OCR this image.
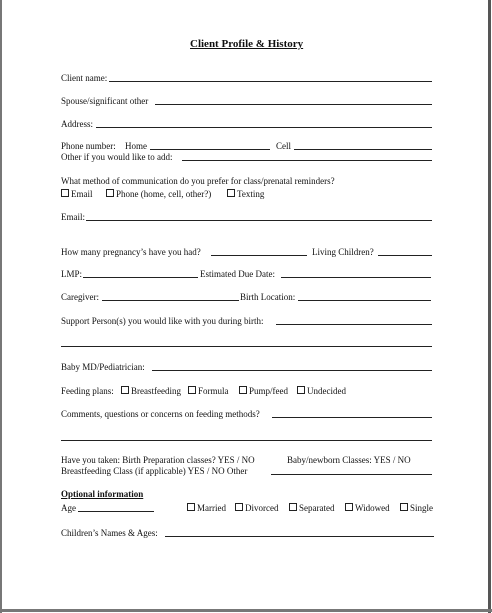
Client Profile & History
Client name:
Spouse/significant other
Address:
Phone number: Home	Cell
Other if you would like to add:
What method of communication do you prefer for class/prenatal reminders?
Email	Phone (home, cell, other?)	Texting
Email:
How many pregnancy’s have you had?	Living Children?
LMP:	Estimated Due Date:
Caregiver:	Birth Location:
Support Person(s) you would like with you during birth:
Baby MD/Pediatrician:
Feeding plans:	Breastfeeding	Formula	Pump/feed	Undecided
Comments, questions or concerns on feeding methods?
Have you taken: Birth Preparation classes? YES / NO	Baby/newborn Classes: YES / NO
Breastfeeding Class (if applicable) YES / NO Other
Optional information
Age	Married	Divorced	Separated	Widowed	Single
Children’s Names & Ages:
